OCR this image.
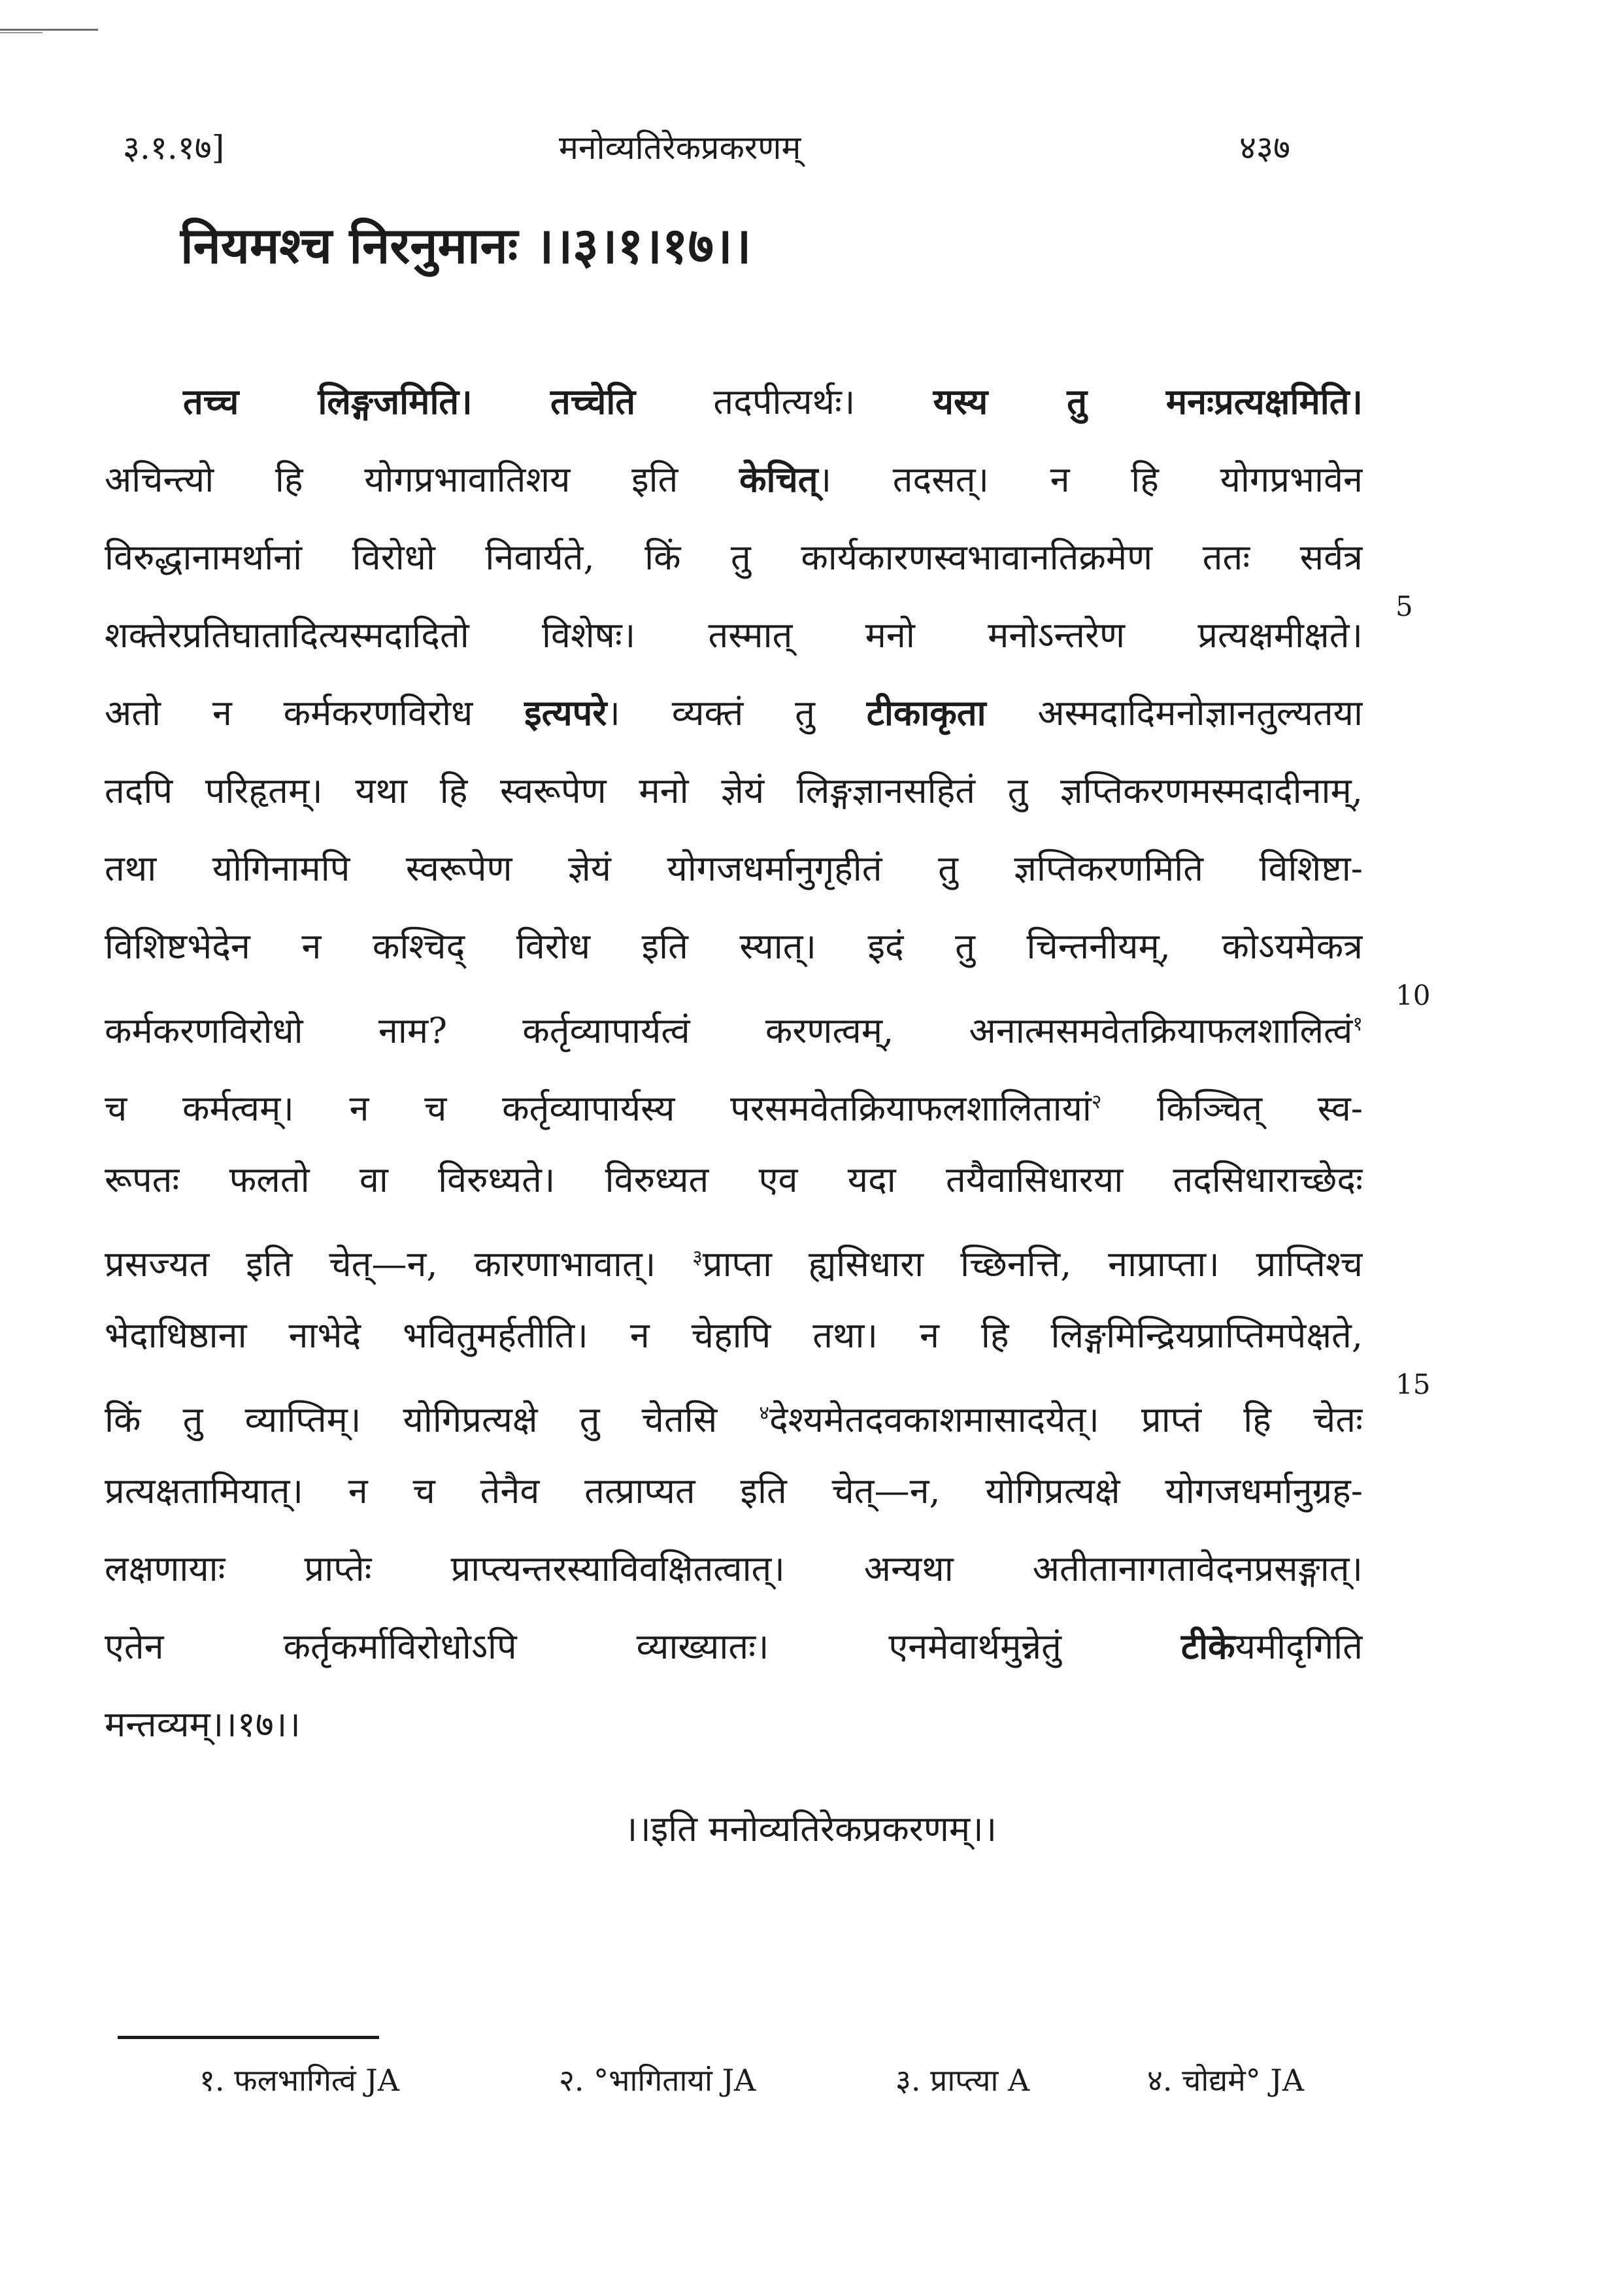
३.१.१७]	मनोव्यतिरेकप्रकरणम्	४३७
नियमश्च निरनुमानः ।।३।१।१७।।
तच्च लिङ्गजमिति। तच्चेति तदपीत्यर्थः। यस्य तु मनःप्रत्यक्षमिति।
अचिन्त्यो हि योगप्रभावातिशय इति केचित्। तदसत्। न हि योगप्रभावेन
विरुद्धानामर्थानां विरोधो निवार्यते, किं तु कार्यकारणस्वभावानतिक्रमेण ततः सर्वत्र
शक्तेरप्रतिघातादित्यस्मदादितो विशेषः। तस्मात् मनो मनोऽन्तरेण प्रत्यक्षमीक्षते।
अतो न कर्मकरणविरोध इत्यपरे। व्यक्तं तु टीकाकृता अस्मदादिमनोज्ञानतुल्यतया
तदपि परिहृतम्। यथा हि स्वरूपेण मनो ज्ञेयं लिङ्गज्ञानसहितं तु ज्ञप्तिकरणमस्मदादीनाम्,
तथा योगिनामपि स्वरूपेण ज्ञेयं योगजधर्मानुगृहीतं तु ज्ञप्तिकरणमिति विशिष्टा-
विशिष्टभेदेन न कश्चिद् विरोध इति स्यात्। इदं तु चिन्तनीयम्, कोऽयमेकत्र
कर्मकरणविरोधो नाम? कर्तृव्यापार्यत्वं करणत्वम्, अनात्मसमवेतक्रियाफलशालित्वं$^१$
च कर्मत्वम्। न च कर्तृव्यापार्यस्य परसमवेतक्रियाफलशालितायां$^२$ किञ्चित् स्व-
रूपतः फलतो वा विरुध्यते। विरुध्यत एव यदा तयैवासिधारया तदसिधाराच्छेदः
प्रसज्यत इति चेत्—न, कारणाभावात्। $^३$प्राप्ता ह्यसिधारा च्छिनत्ति, नाप्राप्ता। प्राप्तिश्च
भेदाधिष्ठाना नाभेदे भवितुमर्हतीति। न चेहापि तथा। न हि लिङ्गमिन्द्रियप्राप्तिमपेक्षते,
किं तु व्याप्तिम्। योगिप्रत्यक्षे तु चेतसि $^४$देश्यमेतदवकाशमासादयेत्। प्राप्तं हि चेतः
प्रत्यक्षतामियात्। न च तेनैव तत्प्राप्यत इति चेत्—न, योगिप्रत्यक्षे योगजधर्मानुग्रह-
लक्षणायाः प्राप्तेः प्राप्त्यन्तरस्याविवक्षितत्वात्। अन्यथा अतीतानागतावेदनप्रसङ्गात्।
एतेन कर्तृकर्माविरोधोऽपि व्याख्यातः। एनमेवार्थमुन्नेतुं टीकेयमीदृगिति
मन्तव्यम्।।१७।।
5
10
15
।।इति मनोव्यतिरेकप्रकरणम्।।
१. फलभागित्वं JA	२. °भागितायां JA	३. प्राप्त्या A	४. चोद्यमे° JA
